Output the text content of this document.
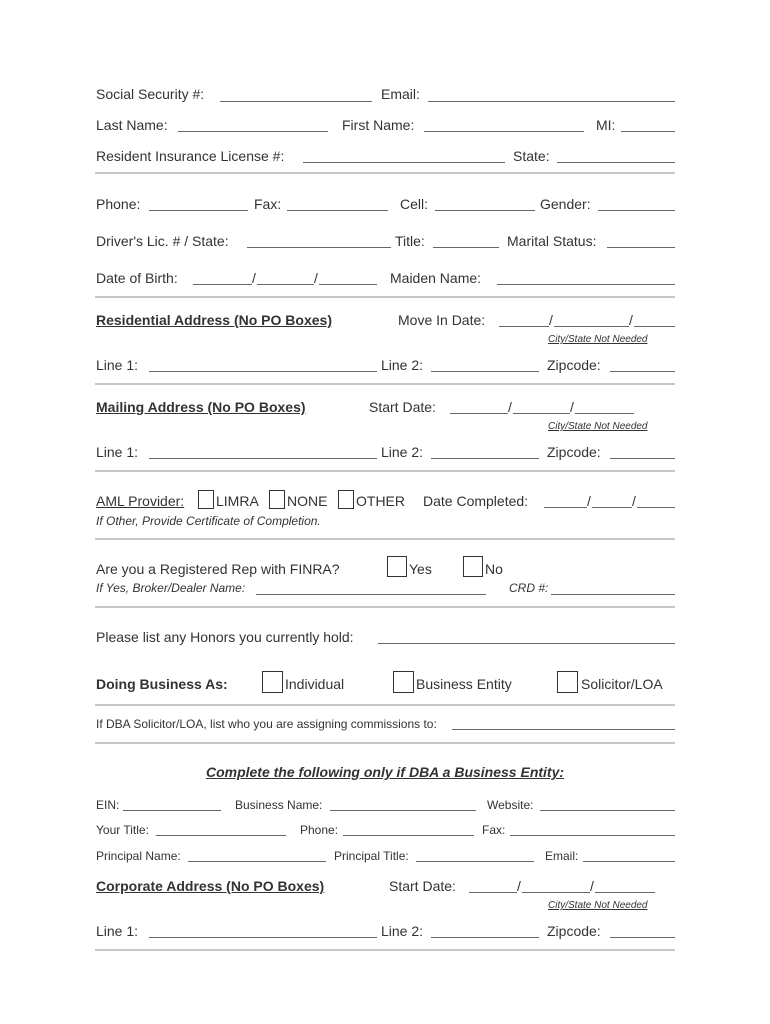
Social Security #:	Email:
Last Name:	First Name:	MI:
Resident Insurance License #:	State:
Phone:	Fax:	Cell:	Gender:
Driver's Lic. # / State:	Title:	Marital Status:
Date of Birth:	/	/	Maiden Name:
Residential Address (No PO Boxes)	Move In Date:	/	/
City/State Not Needed
Line 1:	Line 2:	Zipcode:
Mailing Address (No PO Boxes)	Start Date:	/	/
City/State Not Needed
Line 1:	Line 2:	Zipcode:
AML Provider: LIMRA NONE OTHER Date Completed:	/	/
If Other, Provide Certificate of Completion.
Are you a Registered Rep with FINRA?	Yes	No
If Yes, Broker/Dealer Name:	CRD #:
Please list any Honors you currently hold:
Doing Business As:	Individual	Business Entity	Solicitor/LOA
If DBA Solicitor/LOA, list who you are assigning commissions to:
Complete the following only if DBA a Business Entity:
EIN:	Business Name:	Website:
Your Title:	Phone:	Fax:
Principal Name:	Principal Title:	Email:
Corporate Address (No PO Boxes)	Start Date:	/	/
City/State Not Needed
Line 1:	Line 2:	Zipcode:
